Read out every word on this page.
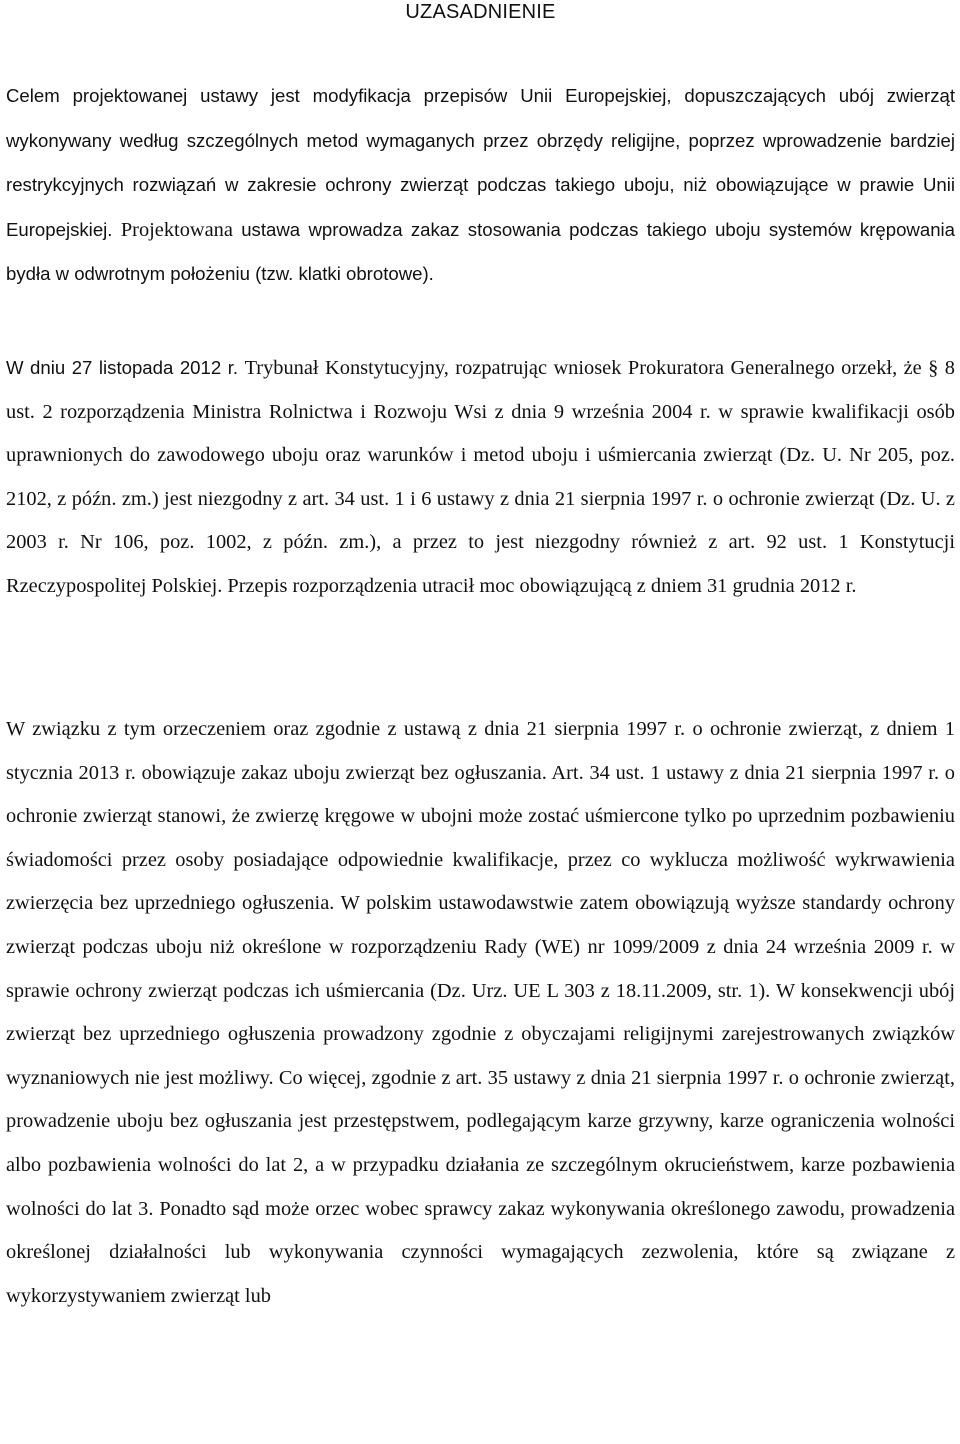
UZASADNIENIE

Celem projektowanej ustawy jest modyfikacja przepisów Unii Europejskiej, dopuszczających ubój zwierząt wykonywany według szczególnych metod wymaganych przez obrzędy religijne, poprzez wprowadzenie bardziej restrykcyjnych rozwiązań w zakresie ochrony zwierząt podczas takiego uboju, niż obowiązujące w prawie Unii Europejskiej. Projektowana ustawa wprowadza zakaz stosowania podczas takiego uboju systemów krępowania bydła w odwrotnym położeniu (tzw. klatki obrotowe).

W dniu 27 listopada 2012 r. Trybunał Konstytucyjny, rozpatrując wniosek Prokuratora Generalnego orzekł, że § 8 ust. 2 rozporządzenia Ministra Rolnictwa i Rozwoju Wsi z dnia 9 września 2004 r. w sprawie kwalifikacji osób uprawnionych do zawodowego uboju oraz warunków i metod uboju i uśmiercania zwierząt (Dz. U. Nr 205, poz. 2102, z późn. zm.) jest niezgodny z art. 34 ust. 1 i 6 ustawy z dnia 21 sierpnia 1997 r. o ochronie zwierząt (Dz. U. z 2003 r. Nr 106, poz. 1002, z późn. zm.), a przez to jest niezgodny również z art. 92 ust. 1 Konstytucji Rzeczypospolitej Polskiej. Przepis rozporządzenia utracił moc obowiązującą z dniem 31 grudnia 2012 r.

W związku z tym orzeczeniem oraz zgodnie z ustawą z dnia 21 sierpnia 1997 r. o ochronie zwierząt, z dniem 1 stycznia 2013 r. obowiązuje zakaz uboju zwierząt bez ogłuszania. Art. 34 ust. 1 ustawy z dnia 21 sierpnia 1997 r. o ochronie zwierząt stanowi, że zwierzę kręgowe w ubojni może zostać uśmiercone tylko po uprzednim pozbawieniu świadomości przez osoby posiadające odpowiednie kwalifikacje, przez co wyklucza możliwość wykrwawienia zwierzęcia bez uprzedniego ogłuszenia. W polskim ustawodawstwie zatem obowiązują wyższe standardy ochrony zwierząt podczas uboju niż określone w rozporządzeniu Rady (WE) nr 1099/2009 z dnia 24 września 2009 r. w sprawie ochrony zwierząt podczas ich uśmiercania (Dz. Urz. UE L 303 z 18.11.2009, str. 1). W konsekwencji ubój zwierząt bez uprzedniego ogłuszenia prowadzony zgodnie z obyczajami religijnymi zarejestrowanych związków wyznaniowych nie jest możliwy. Co więcej, zgodnie z art. 35 ustawy z dnia 21 sierpnia 1997 r. o ochronie zwierząt, prowadzenie uboju bez ogłuszania jest przestępstwem, podlegającym karze grzywny, karze ograniczenia wolności albo pozbawienia wolności do lat 2, a w przypadku działania ze szczególnym okrucieństwem, karze pozbawienia wolności do lat 3. Ponadto sąd może orzec wobec sprawcy zakaz wykonywania określonego zawodu, prowadzenia określonej działalności lub wykonywania czynności wymagających zezwolenia, które są związane z wykorzystywaniem zwierząt lub
